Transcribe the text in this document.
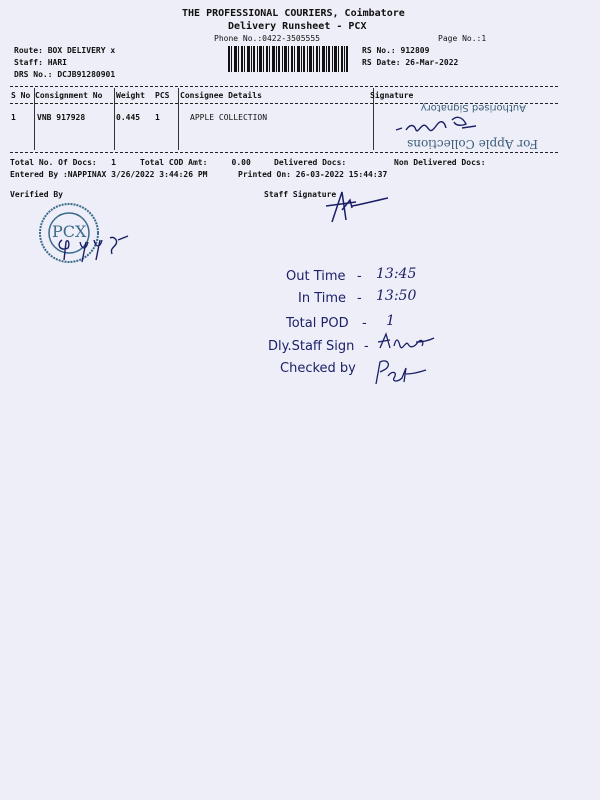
THE PROFESSIONAL COURIERS, Coimbatore
Delivery Runsheet - PCX
Phone No.:0422-3505555	Page No.:1
Route: BOX DELIVERY x
Staff: HARI
DRS No.: DCJB91280901
RS No.: 912809
RS Date: 26-Mar-2022
S No Consignment No Weight PCS Consignee Details	Signature
1	VNB 917928	0.445 1	APPLE COLLECTION
For Apple Collections
Authorised Signatory
Total No. Of Docs:   1	Total COD Amt:     0.00	Delivered Docs:	Non Delivered Docs:
Entered By :NAPPINAX 3/26/2022 3:44:26 PM	Printed On: 26-03-2022 15:44:37
Verified By	Staff Signature
PCX
Out Time - 13:45
In Time - 13:50
Total POD - 1
Dly.Staff Sign -
Checked by
